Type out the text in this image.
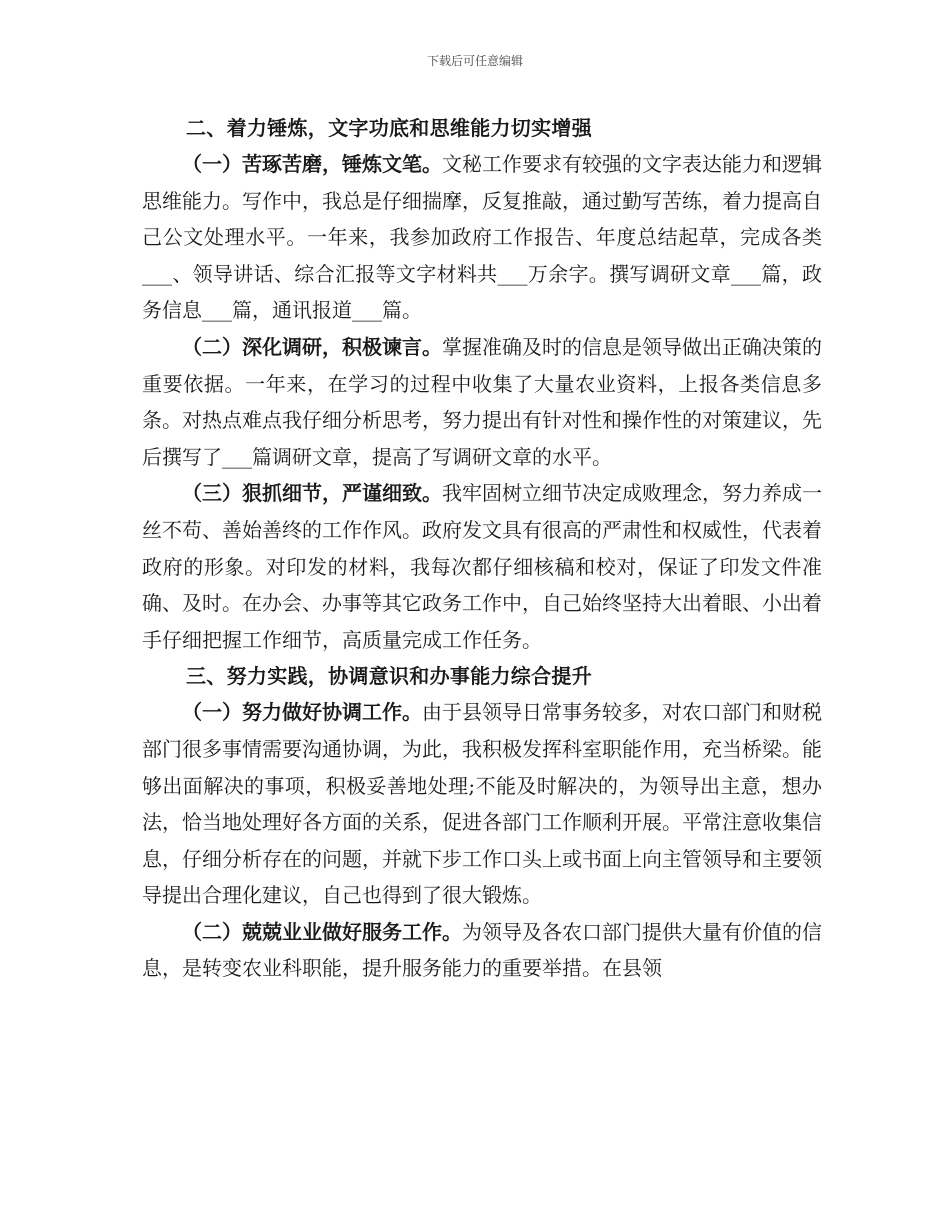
下载后可任意编辑
二、着力锤炼，文字功底和思维能力切实增强

（一）苦琢苦磨，锤炼文笔。文秘工作要求有较强的文字表达能力和逻辑思维能力。写作中，我总是仔细揣摩，反复推敲，通过勤写苦练，着力提高自己公文处理水平。一年来，我参加政府工作报告、年度总结起草，完成各类___、领导讲话、综合汇报等文字材料共___万余字。撰写调研文章___篇，政务信息___篇，通讯报道___篇。

（二）深化调研，积极谏言。掌握准确及时的信息是领导做出正确决策的重要依据。一年来，在学习的过程中收集了大量农业资料，上报各类信息多条。对热点难点我仔细分析思考，努力提出有针对性和操作性的对策建议，先后撰写了___篇调研文章，提高了写调研文章的水平。

（三）狠抓细节，严谨细致。我牢固树立细节决定成败理念，努力养成一丝不苟、善始善终的工作作风。政府发文具有很高的严肃性和权威性，代表着政府的形象。对印发的材料，我每次都仔细核稿和校对，保证了印发文件准确、及时。在办会、办事等其它政务工作中，自己始终坚持大出着眼、小出着手仔细把握工作细节，高质量完成工作任务。

三、努力实践，协调意识和办事能力综合提升

（一）努力做好协调工作。由于县领导日常事务较多，对农口部门和财税部门很多事情需要沟通协调，为此，我积极发挥科室职能作用，充当桥梁。能够出面解决的事项，积极妥善地处理;不能及时解决的，为领导出主意，想办法，恰当地处理好各方面的关系，促进各部门工作顺利开展。平常注意收集信息，仔细分析存在的问题，并就下步工作口头上或书面上向主管领导和主要领导提出合理化建议，自己也得到了很大锻炼。

（二）兢兢业业做好服务工作。为领导及各农口部门提供大量有价值的信息，是转变农业科职能，提升服务能力的重要举措。在县领
